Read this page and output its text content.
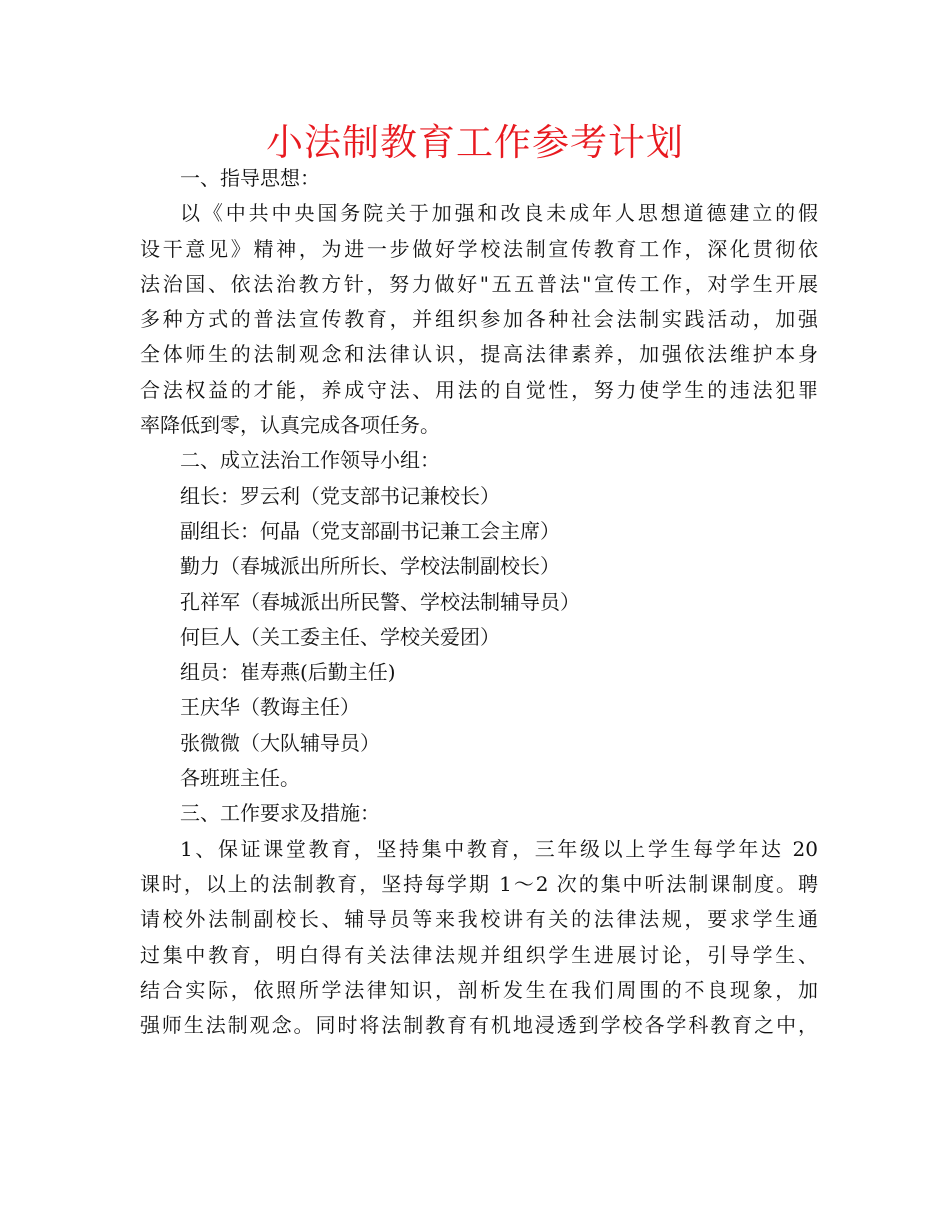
小法制教育工作参考计划
一、指导思想：
以《中共中央国务院关于加强和改良未成年人思想道德建立的假
设干意见》精神，为进一步做好学校法制宣传教育工作，深化贯彻依
法治国、依法治教方针，努力做好"五五普法"宣传工作，对学生开展
多种方式的普法宣传教育，并组织参加各种社会法制实践活动，加强
全体师生的法制观念和法律认识，提高法律素养，加强依法维护本身
合法权益的才能，养成守法、用法的自觉性，努力使学生的违法犯罪
率降低到零，认真完成各项任务。
二、成立法治工作领导小组：
组长：罗云利（党支部书记兼校长）
副组长：何晶（党支部副书记兼工会主席）
勤力（春城派出所所长、学校法制副校长）
孔祥军（春城派出所民警、学校法制辅导员）
何巨人（关工委主任、学校关爱团）
组员：崔寿燕(后勤主任)
王庆华（教诲主任）
张微微（大队辅导员）
各班班主任。
三、工作要求及措施：
1、保证课堂教育，坚持集中教育，三年级以上学生每学年达 20
课时，以上的法制教育，坚持每学期 1～2 次的集中听法制课制度。聘
请校外法制副校长、辅导员等来我校讲有关的法律法规，要求学生通
过集中教育，明白得有关法律法规并组织学生进展讨论，引导学生、
结合实际，依照所学法律知识，剖析发生在我们周围的不良现象，加
强师生法制观念。同时将法制教育有机地浸透到学校各学科教育之中，
